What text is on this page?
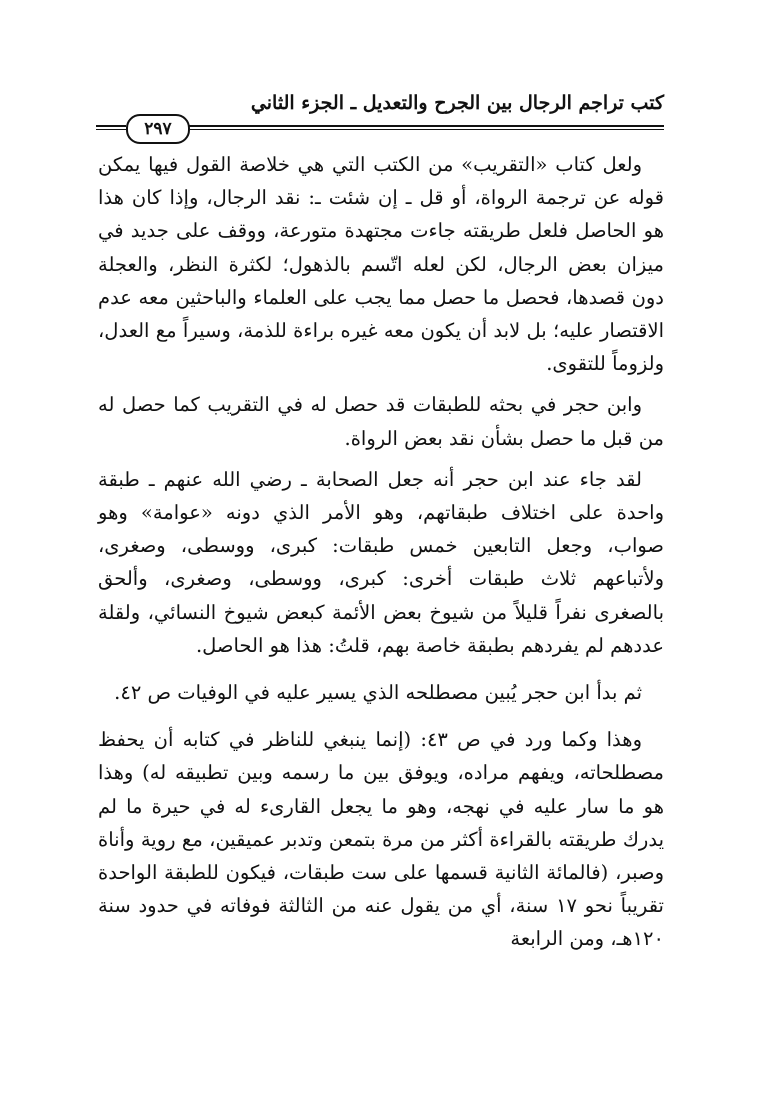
كتب تراجم الرجال بين الجرح والتعديل ـ الجزء الثاني
٢٩٧

ولعل كتاب «التقريب» من الكتب التي هي خلاصة القول فيها يمكن قوله عن ترجمة الرواة، أو قل ـ إن شئت ـ: نقد الرجال، وإذا كان هذا هو الحاصل فلعل طريقته جاءت مجتهدة متورعة، ووقف على جديد في ميزان بعض الرجال، لكن لعله اتّسم بالذهول؛ لكثرة النظر، والعجلة دون قصدها، فحصل ما حصل مما يجب على العلماء والباحثين معه عدم الاقتصار عليه؛ بل لابد أن يكون معه غيره براءة للذمة، وسيراً مع العدل، ولزوماً للتقوى.

وابن حجر في بحثه للطبقات قد حصل له في التقريب كما حصل له من قبل ما حصل بشأن نقد بعض الرواة.

لقد جاء عند ابن حجر أنه جعل الصحابة ـ رضي الله عنهم ـ طبقة واحدة على اختلاف طبقاتهم، وهو الأمر الذي دونه «عوامة» وهو صواب، وجعل التابعين خمس طبقات: كبرى، ووسطى، وصغرى، ولأتباعهم ثلاث طبقات أخرى: كبرى، ووسطى، وصغرى، وألحق بالصغرى نفراً قليلاً من شيوخ بعض الأئمة كبعض شيوخ النسائي، ولقلة عددهم لم يفردهم بطبقة خاصة بهم، قلتُ: هذا هو الحاصل.

ثم بدأ ابن حجر يُبين مصطلحه الذي يسير عليه في الوفيات ص ٤٢.

وهذا وكما ورد في ص ٤٣: (إنما ينبغي للناظر في كتابه أن يحفظ مصطلحاته، ويفهم مراده، ويوفق بين ما رسمه وبين تطبيقه له) وهذا هو ما سار عليه في نهجه، وهو ما يجعل القارىء له في حيرة ما لم يدرك طريقته بالقراءة أكثر من مرة بتمعن وتدبر عميقين، مع روية وأناة وصبر، (فالمائة الثانية قسمها على ست طبقات، فيكون للطبقة الواحدة تقريباً نحو ١٧ سنة، أي من يقول عنه من الثالثة فوفاته في حدود سنة ١٢٠هـ، ومن الرابعة
